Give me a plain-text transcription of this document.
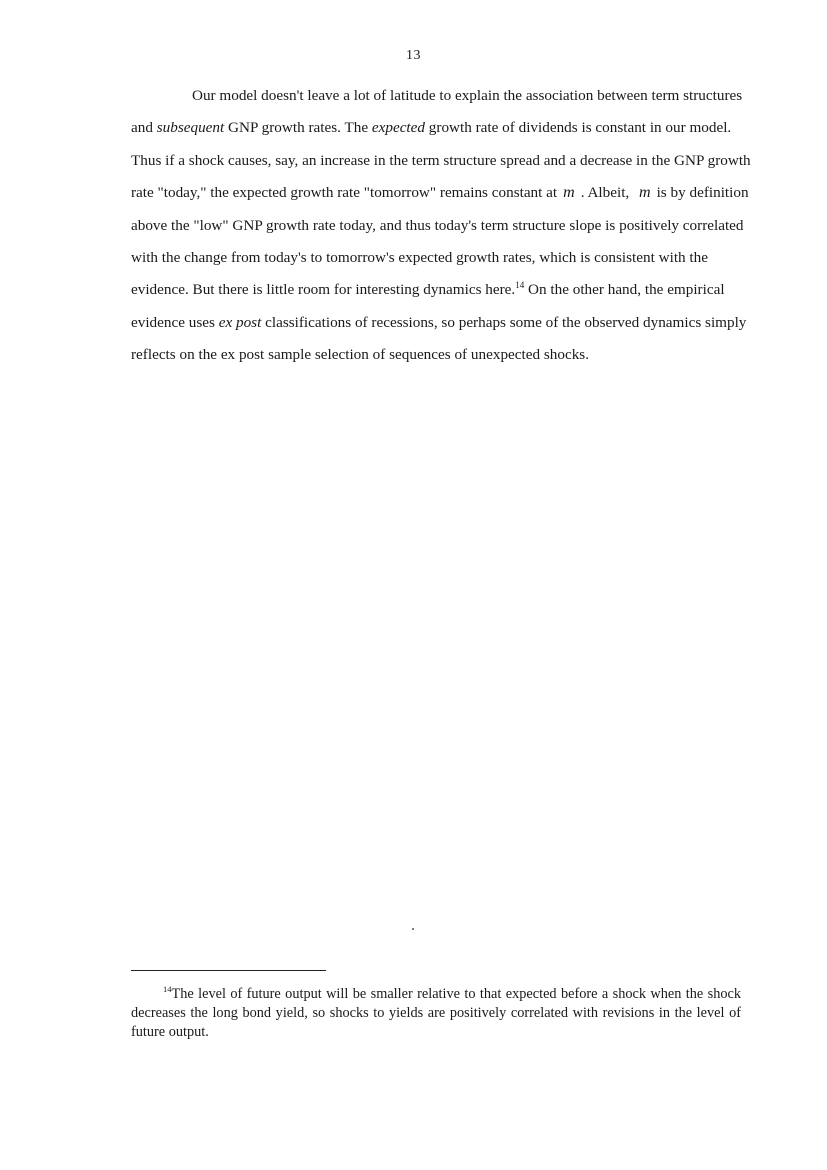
13

Our model doesn't leave a lot of latitude to explain the association between term structures and subsequent GNP growth rates. The expected growth rate of dividends is constant in our model. Thus if a shock causes, say, an increase in the term structure spread and a decrease in the GNP growth rate "today," the expected growth rate "tomorrow" remains constant at m . Albeit, m is by definition above the "low" GNP growth rate today, and thus today's term structure slope is positively correlated with the change from today's to tomorrow's expected growth rates, which is consistent with the evidence. But there is little room for interesting dynamics here.$^{14}$ On the other hand, the empirical evidence uses ex post classifications of recessions, so perhaps some of the observed dynamics simply reflects on the ex post sample selection of sequences of unexpected shocks.

$^{14}$The level of future output will be smaller relative to that expected before a shock when the shock decreases the long bond yield, so shocks to yields are positively correlated with revisions in the level of future output.
